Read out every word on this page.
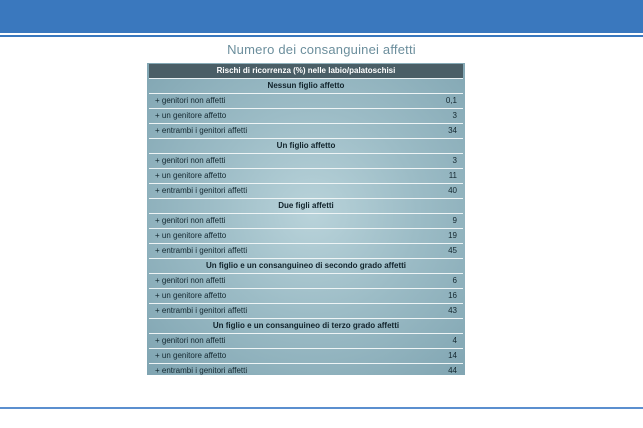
Numero dei consanguinei affetti
Rischi di ricorrenza (%) nelle labio/palatoschisi
Nessun figlio affetto
+ genitori non affetti	0,1
+ un genitore affetto	3
+ entrambi i genitori affetti	34
Un figlio affetto
+ genitori non affetti	3
+ un genitore affetto	11
+ entrambi i genitori affetti	40
Due figli affetti
+ genitori non affetti	9
+ un genitore affetto	19
+ entrambi i genitori affetti	45
Un figlio e un consanguineo di secondo grado affetti
+ genitori non affetti	6
+ un genitore affetto	16
+ entrambi i genitori affetti	43
Un figlio e un consanguineo di terzo grado affetti
+ genitori non affetti	4
+ un genitore affetto	14
+ entrambi i genitori affetti	44
